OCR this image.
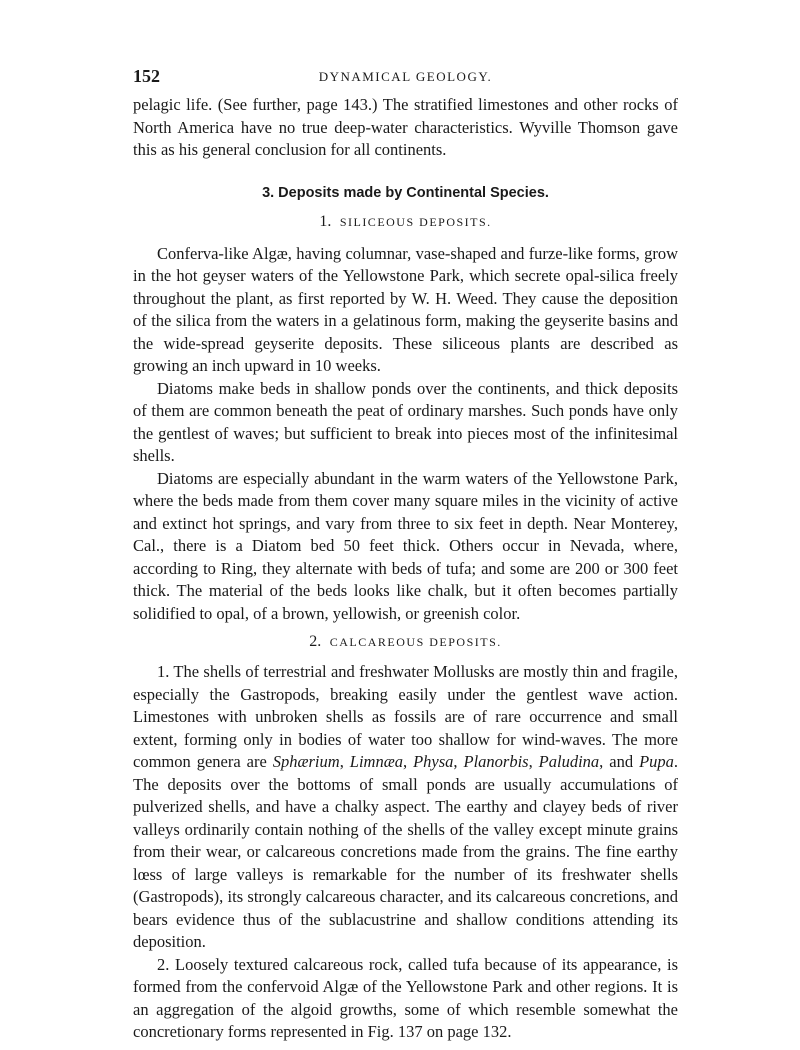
152	DYNAMICAL GEOLOGY.

pelagic life. (See further, page 143.) The stratified limestones and other rocks of North America have no true deep-water characteristics. Wyville Thomson gave this as his general conclusion for all continents.

3. Deposits made by Continental Species.
1. SILICEOUS DEPOSITS.

Conferva-like Algæ, having columnar, vase-shaped and furze-like forms, grow in the hot geyser waters of the Yellowstone Park, which secrete opal-silica freely throughout the plant, as first reported by W. H. Weed. They cause the deposition of the silica from the waters in a gelatinous form, making the geyserite basins and the wide-spread geyserite deposits. These siliceous plants are described as growing an inch upward in 10 weeks.

Diatoms make beds in shallow ponds over the continents, and thick deposits of them are common beneath the peat of ordinary marshes. Such ponds have only the gentlest of waves; but sufficient to break into pieces most of the infinitesimal shells.

Diatoms are especially abundant in the warm waters of the Yellowstone Park, where the beds made from them cover many square miles in the vicinity of active and extinct hot springs, and vary from three to six feet in depth. Near Monterey, Cal., there is a Diatom bed 50 feet thick. Others occur in Nevada, where, according to Ring, they alternate with beds of tufa; and some are 200 or 300 feet thick. The material of the beds looks like chalk, but it often becomes partially solidified to opal, of a brown, yellowish, or greenish color.

2. CALCAREOUS DEPOSITS.

1. The shells of terrestrial and freshwater Mollusks are mostly thin and fragile, especially the Gastropods, breaking easily under the gentlest wave action. Limestones with unbroken shells as fossils are of rare occurrence and small extent, forming only in bodies of water too shallow for wind-waves. The more common genera are Sphærium, Limnæa, Physa, Planorbis, Paludina, and Pupa. The deposits over the bottoms of small ponds are usually accumulations of pulverized shells, and have a chalky aspect. The earthy and clayey beds of river valleys ordinarily contain nothing of the shells of the valley except minute grains from their wear, or calcareous concretions made from the grains. The fine earthy lœss of large valleys is remarkable for the number of its freshwater shells (Gastropods), its strongly calcareous character, and its calcareous concretions, and bears evidence thus of the sublacustrine and shallow conditions attending its deposition.

2. Loosely textured calcareous rock, called tufa because of its appearance, is formed from the confervoid Algæ of the Yellowstone Park and other regions. It is an aggregation of the algoid growths, some of which resemble somewhat the concretionary forms represented in Fig. 137 on page 132.
